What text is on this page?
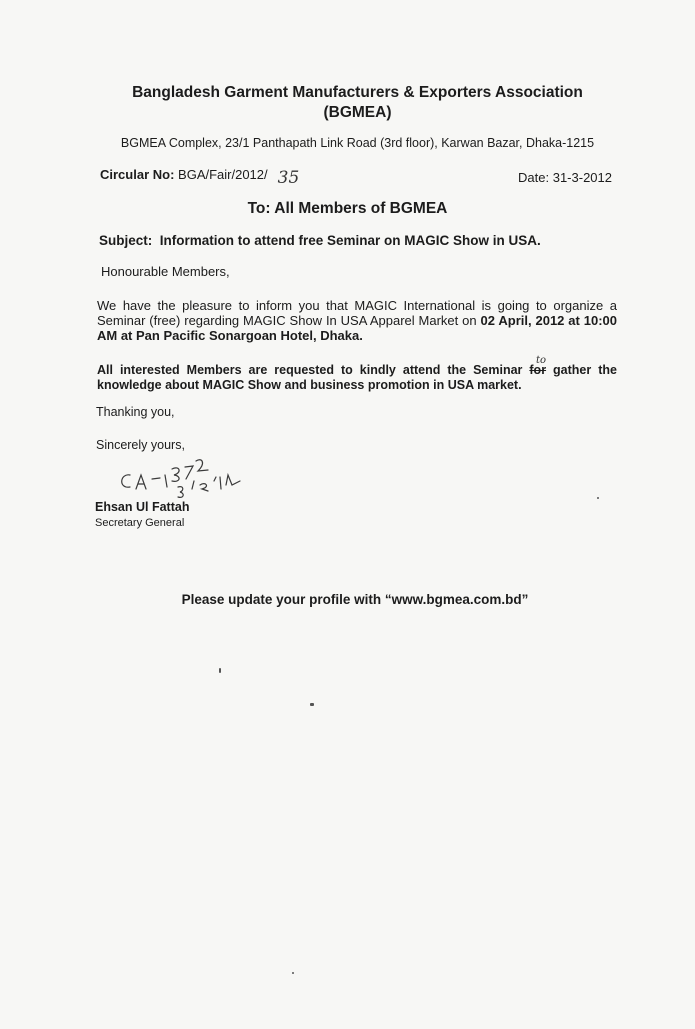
Bangladesh Garment Manufacturers & Exporters Association
(BGMEA)
BGMEA Complex, 23/1 Panthapath Link Road (3rd floor), Karwan Bazar, Dhaka-1215
Circular No: BGA/Fair/2012/ 35	Date: 31-3-2012
To: All Members of BGMEA
Subject: Information to attend free Seminar on MAGIC Show in USA.
Honourable Members,
We have the pleasure to inform you that MAGIC International is going to organize a Seminar (free) regarding MAGIC Show In USA Apparel Market on 02 April, 2012 at 10:00 AM at Pan Pacific Sonargoan Hotel, Dhaka.
to
All interested Members are requested to kindly attend the Seminar for gather the knowledge about MAGIC Show and business promotion in USA market.
Thanking you,
Sincerely yours,
Ehsan Ul Fattah
Secretary General
Please update your profile with “www.bgmea.com.bd”
